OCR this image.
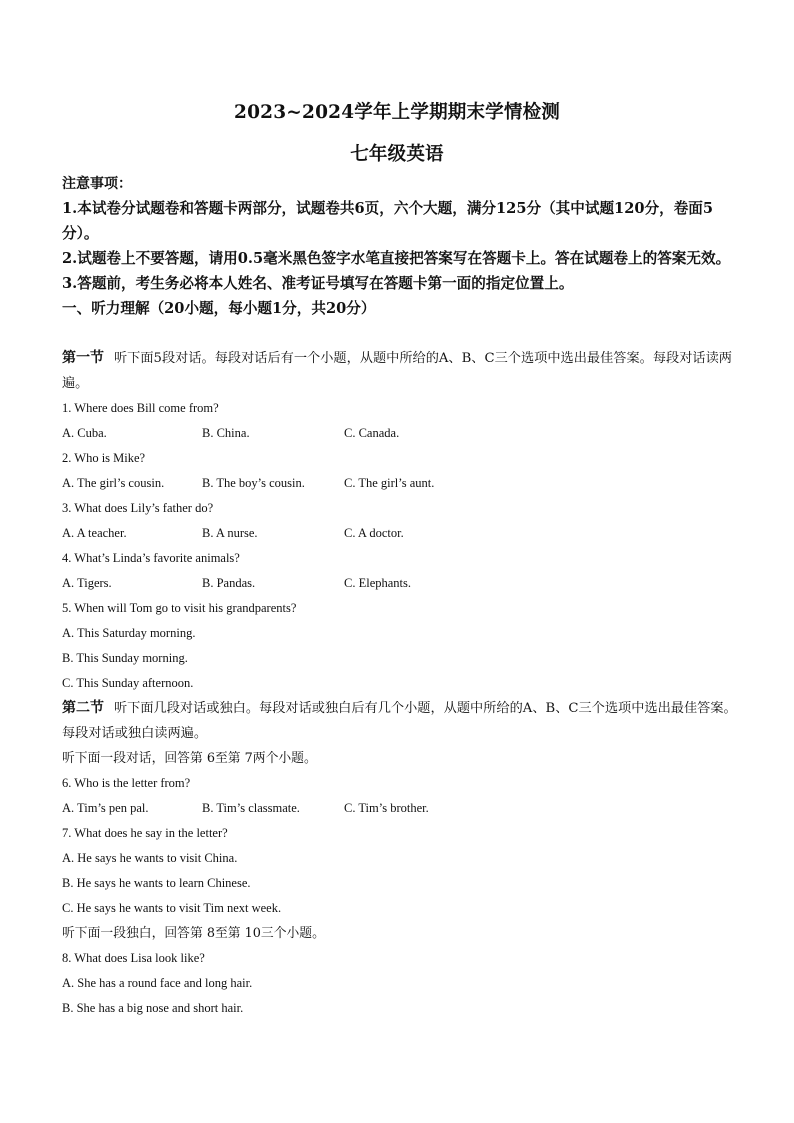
2023~2024学年上学期期末学情检测
七年级英语
注意事项：
1.本试卷分试题卷和答题卡两部分，试题卷共6页，六个大题，满分125分（其中试题120分，卷面5分）。
2.试题卷上不要答题，请用0.5毫米黑色签字水笔直接把答案写在答题卡上。答在试题卷上的答案无效。
3.答题前，考生务必将本人姓名、准考证号填写在答题卡第一面的指定位置上。
一、听力理解（20小题，每小题1分，共20分）
第一节 听下面5段对话。每段对话后有一个小题，从题中所给的A、B、C三个选项中选出最佳答案。每段对话读两遍。
1. Where does Bill come from?
A. Cuba.	B. China.	C. Canada.
2. Who is Mike?
A. The girl’s cousin.	B. The boy’s cousin.	C. The girl’s aunt.
3. What does Lily’s father do?
A. A teacher.	B. A nurse.	C. A doctor.
4. What’s Linda’s favorite animals?
A. Tigers.	B. Pandas.	C. Elephants.
5. When will Tom go to visit his grandparents?
A. This Saturday morning.
B. This Sunday morning.
C. This Sunday afternoon.
第二节 听下面几段对话或独白。每段对话或独白后有几个小题，从题中所给的A、B、C三个选项中选出最佳答案。每段对话或独白读两遍。
听下面一段对话，回答第 6至第 7两个小题。
6. Who is the letter from?
A. Tim’s pen pal.	B. Tim’s classmate.	C. Tim’s brother.
7. What does he say in the letter?
A. He says he wants to visit China.
B. He says he wants to learn Chinese.
C. He says he wants to visit Tim next week.
听下面一段独白，回答第 8至第 10三个小题。
8. What does Lisa look like?
A. She has a round face and long hair.
B. She has a big nose and short hair.
